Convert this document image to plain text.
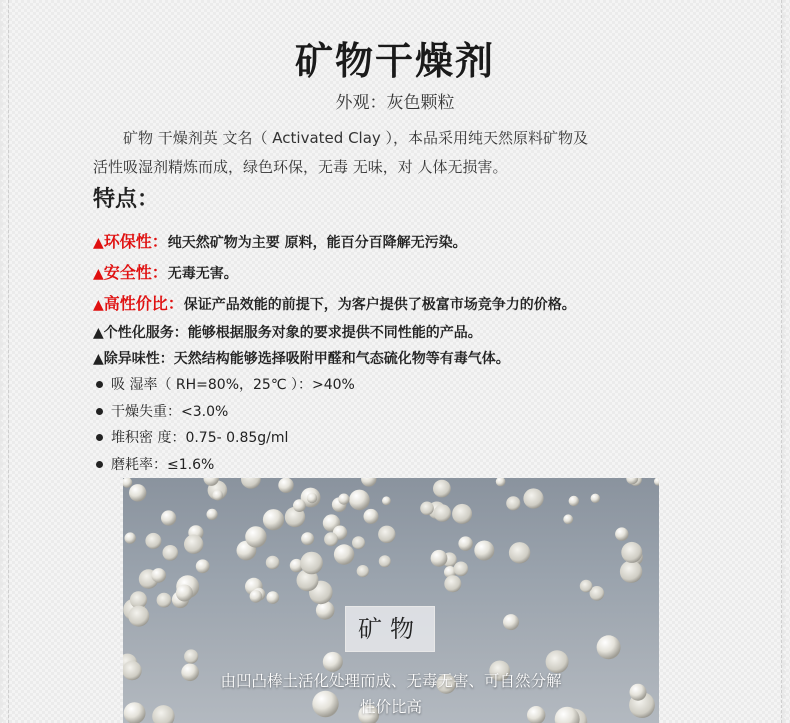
矿物干燥剂
外观：灰色颗粒
矿物 干燥剂英 文名（ Activated Clay ），本品采用纯天然原料矿物及
活性吸湿剂精炼而成，绿色环保，无毒 无味，对 人体无损害。
特点：
▲环保性：纯天然矿物为主要 原料，能百分百降解无污染。
▲安全性：无毒无害。
▲高性价比：保证产品效能的前提下，为客户提供了极富市场竞争力的价格。
▲个性化服务：能够根据服务对象的要求提供不同性能的产品。
▲除异味性：天然结构能够选择吸附甲醛和气态硫化物等有毒气体。
吸 湿率（ RH=80%，25℃ ）：>40%
干燥失重：<3.0%
堆积密 度：0.75- 0.85g/ml
磨耗率：≤1.6%
矿物
由凹凸棒土活化处理而成、无毒无害、可自然分解
性价比高
